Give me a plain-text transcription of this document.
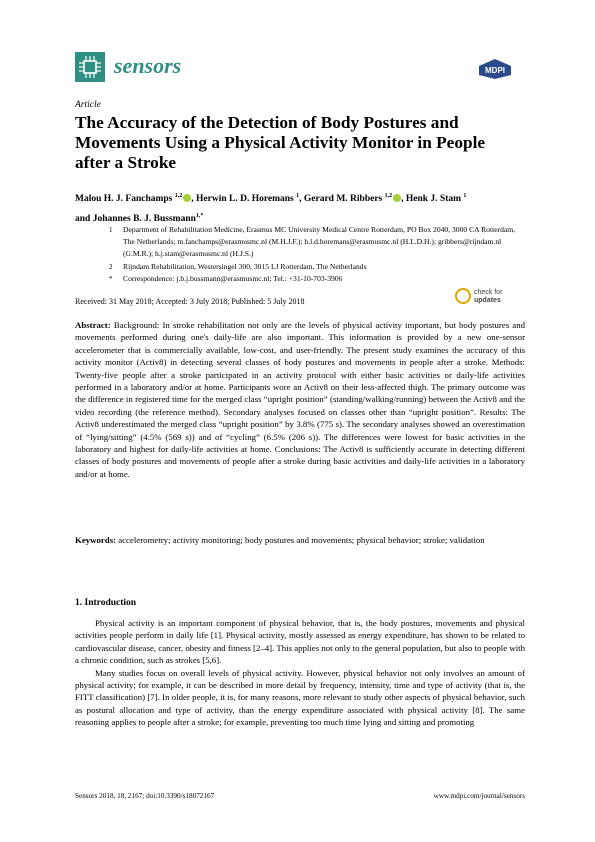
sensors	MDPI
Article
The Accuracy of the Detection of Body Postures and Movements Using a Physical Activity Monitor in People after a Stroke
Malou H. J. Fanchamps $^{1,2}$ , Herwin L. D. Horemans $^1$, Gerard M. Ribbers $^{1,2}$ , Henk J. Stam $^1$
and Johannes B. J. Bussmann$^{1,*}$
1 Department of Rehabilitation Medicine, Erasmus MC University Medical Centre Rotterdam, PO Box 2040, 3000 CA Rotterdam, The Netherlands; m.fanchamps@erasmusmc.nl (M.H.J.F.); h.l.d.horemans@erasmusmc.nl (H.L.D.H.); gribbers@rijndam.nl (G.M.R.); h.j.stam@erasmusmc.nl (H.J.S.)
2 Rijndam Rehabilitation, Westersingel 300, 3015 LJ Rotterdam, The Netherlands
* Correspondence: j.b.j.bussmann@erasmusmc.nl; Tel.: +31-10-703-3906
Received: 31 May 2018; Accepted: 3 July 2018; Published: 5 July 2018
check for
updates
Abstract: Background: In stroke rehabilitation not only are the levels of physical activity important, but body postures and movements performed during one's daily-life are also important. This information is provided by a new one-sensor accelerometer that is commercially available, low-cost, and user-friendly. The present study examines the accuracy of this activity monitor (Activ8) in detecting several classes of body postures and movements in people after a stroke. Methods: Twenty-five people after a stroke participated in an activity protocol with either basic activities or daily-life activities performed in a laboratory and/or at home. Participants wore an Activ8 on their less-affected thigh. The primary outcome was the difference in registered time for the merged class “upright position” (standing/walking/running) between the Activ8 and the video recording (the reference method). Secondary analyses focused on classes other than “upright position”. Results: The Activ8 underestimated the merged class “upright position” by 3.8% (775 s). The secondary analyses showed an overestimation of “lying/sitting” (4.5% (569 s)) and of “cycling” (6.5% (206 s)). The differences were lowest for basic activities in the laboratory and highest for daily-life activities at home. Conclusions: The Activ8 is sufficiently accurate in detecting different classes of body postures and movements of people after a stroke during basic activities and daily-life activities in a laboratory and/or at home.
Keywords: accelerometry; activity monitoring; body postures and movements; physical behavior; stroke; validation
1. Introduction

Physical activity is an important component of physical behavior, that is, the body postures, movements and physical activities people perform in daily life [1]. Physical activity, mostly assessed as energy expenditure, has shown to be related to cardiovascular disease, cancer, obesity and fitness [2–4]. This applies not only to the general population, but also to people with a chronic condition, such as strokes [5,6].

Many studies focus on overall levels of physical activity. However, physical behavior not only involves an amount of physical activity; for example, it can be described in more detail by frequency, intensity, time and type of activity (that is, the FITT classification) [7]. In older people, it is, for many reasons, more relevant to study other aspects of physical behavior, such as postural allocation and type of activity, than the energy expenditure associated with physical activity [8]. The same reasoning applies to people after a stroke; for example, preventing too much time lying and sitting and promoting

Sensors 2018, 18, 2167; doi:10.3390/s18072167	www.mdpi.com/journal/sensors
